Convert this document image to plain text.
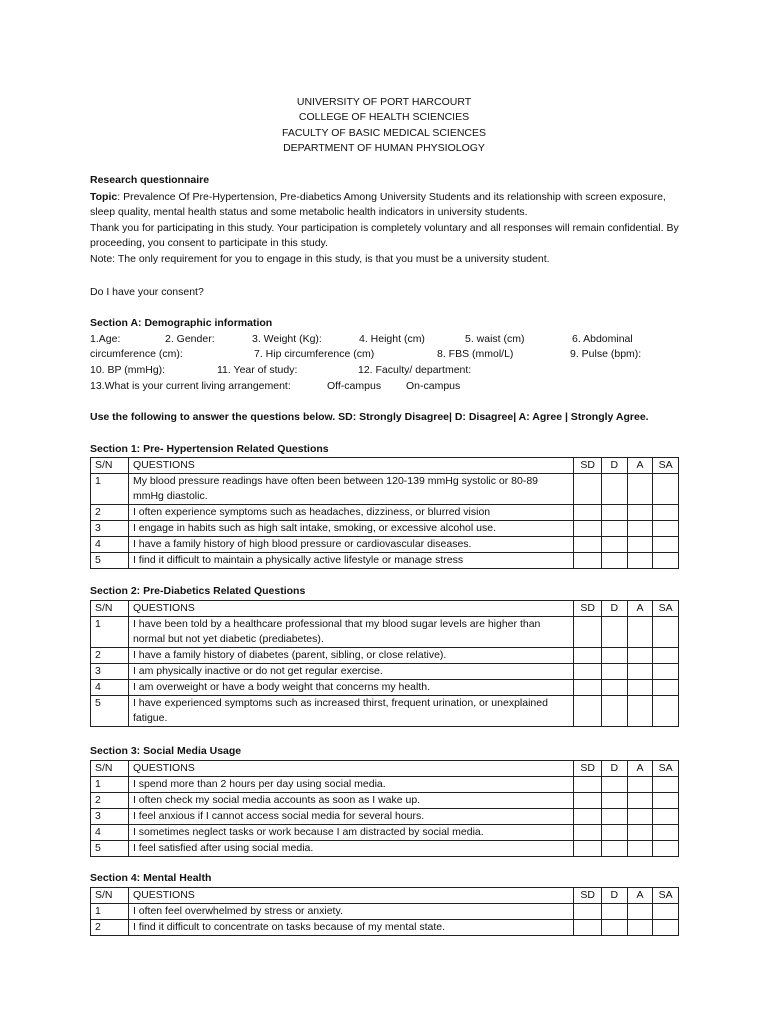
UNIVERSITY OF PORT HARCOURT
COLLEGE OF HEALTH SCIENCIES
FACULTY OF BASIC MEDICAL SCIENCES
DEPARTMENT OF HUMAN PHYSIOLOGY
Research questionnaire
Topic: Prevalence Of Pre-Hypertension, Pre-diabetics Among University Students and its relationship with screen exposure, sleep quality, mental health status and some metabolic health indicators in university students.
Thank you for participating in this study. Your participation is completely voluntary and all responses will remain confidential. By proceeding, you consent to participate in this study.
Note: The only requirement for you to engage in this study, is that you must be a university student.
Do I have your consent?
Section A: Demographic information
1.Age:	2. Gender:	3. Weight (Kg):	4. Height (cm)	5. waist (cm)	6. Abdominal
circumference (cm):	7. Hip circumference (cm)	8. FBS (mmol/L)	9. Pulse (bpm):
10. BP (mmHg):	11. Year of study:	12. Faculty/ department:
13.What is your current living arrangement:	Off-campus On-campus
Use the following to answer the questions below. SD: Strongly Disagree| D: Disagree| A: Agree | Strongly Agree.
Section 1: Pre- Hypertension Related Questions
S/N	QUESTIONS	SD	D	A	SA
1	My blood pressure readings have often been between 120-139 mmHg systolic or 80-89 mmHg diastolic.				
2	I often experience symptoms such as headaches, dizziness, or blurred vision				
3	I engage in habits such as high salt intake, smoking, or excessive alcohol use.				
4	I have a family history of high blood pressure or cardiovascular diseases.				
5	I find it difficult to maintain a physically active lifestyle or manage stress				
Section 2: Pre-Diabetics Related Questions
S/N	QUESTIONS	SD	D	A	SA
1	I have been told by a healthcare professional that my blood sugar levels are higher than normal but not yet diabetic (prediabetes).				
2	I have a family history of diabetes (parent, sibling, or close relative).				
3	I am physically inactive or do not get regular exercise.				
4	I am overweight or have a body weight that concerns my health.				
5	I have experienced symptoms such as increased thirst, frequent urination, or unexplained fatigue.				
Section 3: Social Media Usage
S/N	QUESTIONS	SD	D	A	SA
1	I spend more than 2 hours per day using social media.				
2	I often check my social media accounts as soon as I wake up.				
3	I feel anxious if I cannot access social media for several hours.				
4	I sometimes neglect tasks or work because I am distracted by social media.				
5	I feel satisfied after using social media.				
Section 4: Mental Health
S/N	QUESTIONS	SD	D	A	SA
1	I often feel overwhelmed by stress or anxiety.				
2	I find it difficult to concentrate on tasks because of my mental state.				
